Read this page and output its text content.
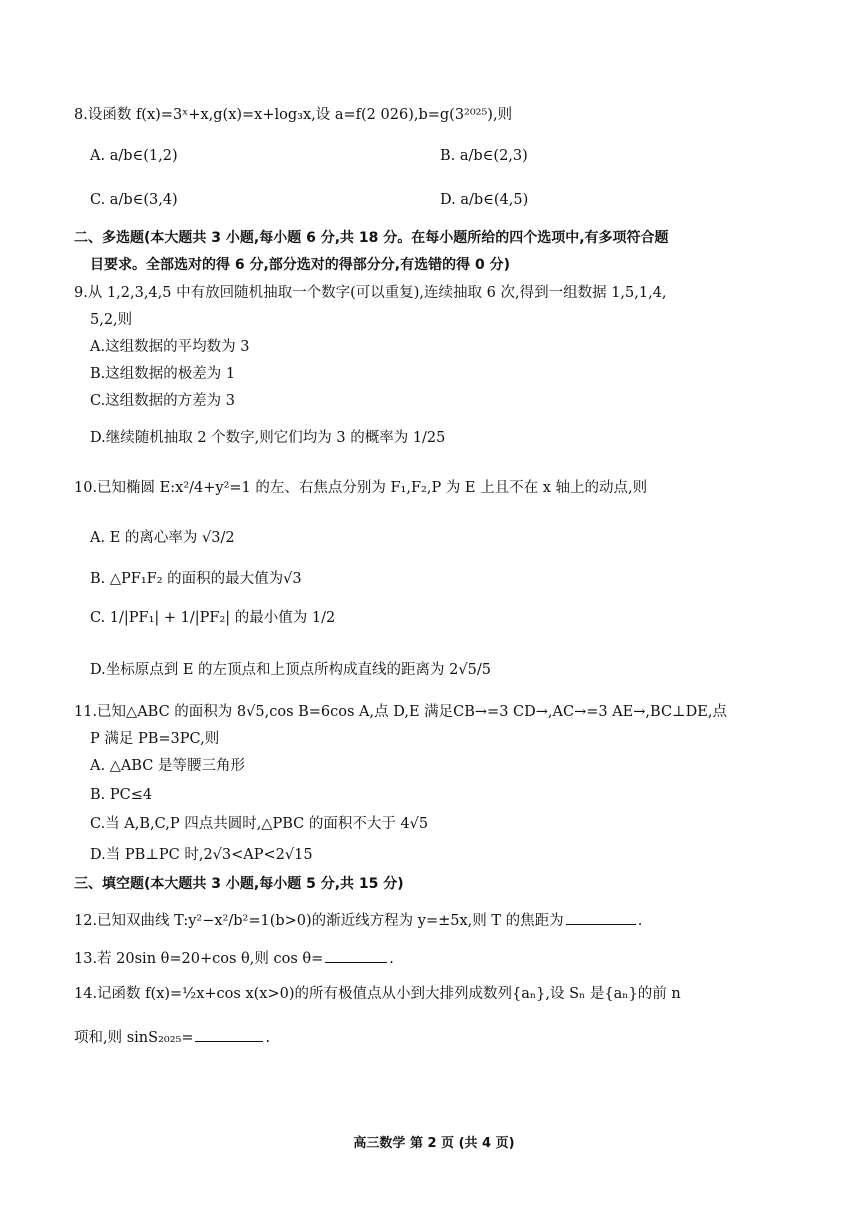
8.设函数 f(x)=3ˣ+x,g(x)=x+log₃x,设 a=f(2 026),b=g(3²⁰²⁵),则
A. a/b∈(1,2)	B. a/b∈(2,3)
C. a/b∈(3,4)	D. a/b∈(4,5)
二、多选题(本大题共 3 小题,每小题 6 分,共 18 分。在每小题所给的四个选项中,有多项符合题
目要求。全部选对的得 6 分,部分选对的得部分分,有选错的得 0 分)
9.从 1,2,3,4,5 中有放回随机抽取一个数字(可以重复),连续抽取 6 次,得到一组数据 1,5,1,4,
5,2,则
A.这组数据的平均数为 3
B.这组数据的极差为 1
C.这组数据的方差为 3
D.继续随机抽取 2 个数字,则它们均为 3 的概率为 1/25
10.已知椭圆 E:x²/4+y²=1 的左、右焦点分别为 F₁,F₂,P 为 E 上且不在 x 轴上的动点,则
A. E 的离心率为 √3/2
B. △PF₁F₂ 的面积的最大值为√3
C. 1/|PF₁| + 1/|PF₂| 的最小值为 1/2
D.坐标原点到 E 的左顶点和上顶点所构成直线的距离为 2√5/5
11.已知△ABC 的面积为 8√5,cos B=6cos A,点 D,E 满足CB→=3 CD→,AC→=3 AE→,BC⊥DE,点
P 满足 PB=3PC,则
A. △ABC 是等腰三角形
B. PC≤4
C.当 A,B,C,P 四点共圆时,△PBC 的面积不大于 4√5
D.当 PB⊥PC 时,2√3<AP<2√15
三、填空题(本大题共 3 小题,每小题 5 分,共 15 分)
12.已知双曲线 T:y²−x²/b²=1(b>0)的渐近线方程为 y=±5x,则 T 的焦距为	.
13.若 20sin θ=20+cos θ,则 cos θ=	.
14.记函数 f(x)=½x+cos x(x>0)的所有极值点从小到大排列成数列{aₙ},设 Sₙ 是{aₙ}的前 n
项和,则 sinS₂₀₂₅=	.
高三数学 第 2 页 (共 4 页)
